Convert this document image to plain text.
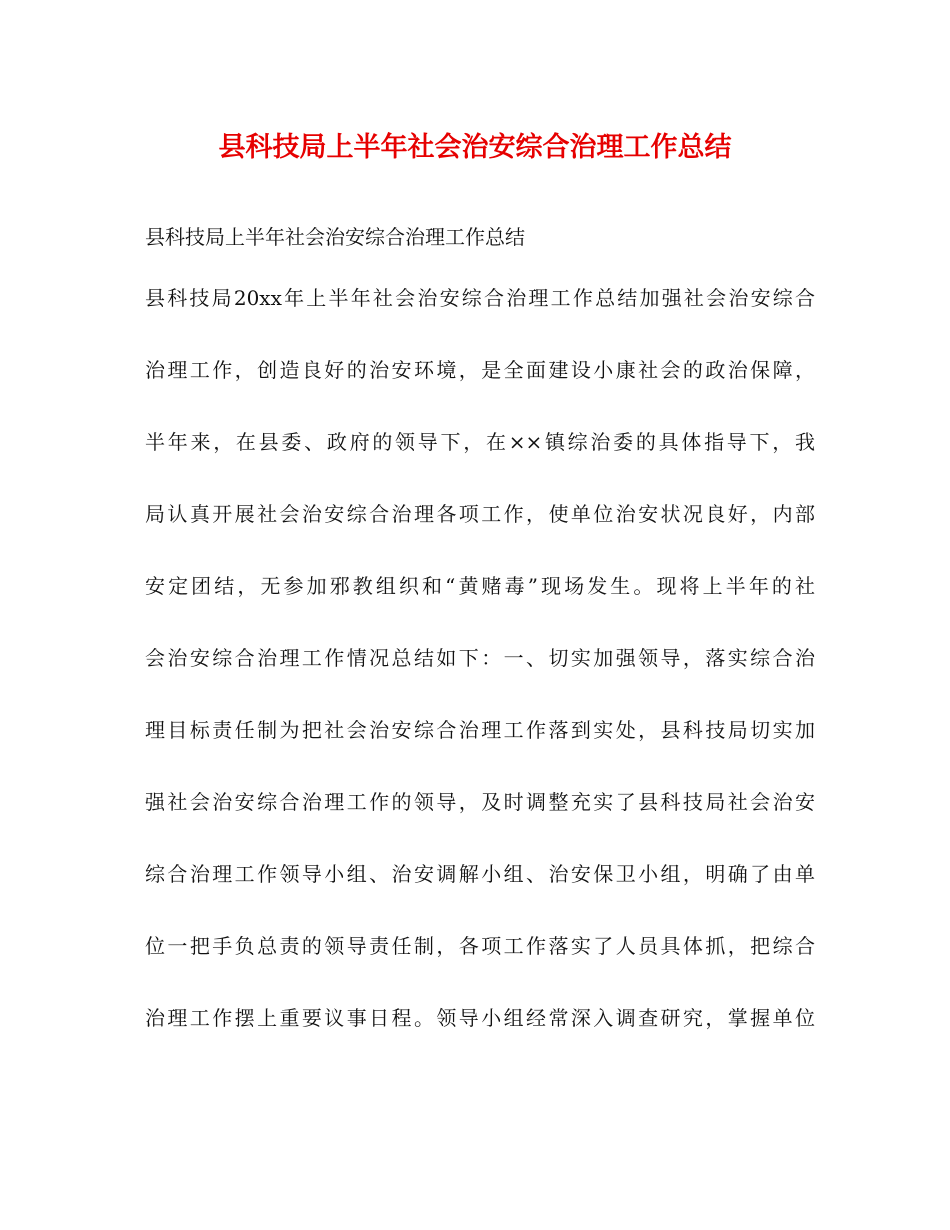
县科技局上半年社会治安综合治理工作总结
县科技局上半年社会治安综合治理工作总结
县科技局20xx年上半年社会治安综合治理工作总结加强社会治安综合
治理工作，创造良好的治安环境，是全面建设小康社会的政治保障，
半年来，在县委、政府的领导下，在××镇综治委的具体指导下，我
局认真开展社会治安综合治理各项工作，使单位治安状况良好，内部
安定团结，无参加邪教组织和“黄赌毒”现场发生。现将上半年的社
会治安综合治理工作情况总结如下：一、切实加强领导，落实综合治
理目标责任制为把社会治安综合治理工作落到实处，县科技局切实加
强社会治安综合治理工作的领导，及时调整充实了县科技局社会治安
综合治理工作领导小组、治安调解小组、治安保卫小组，明确了由单
位一把手负总责的领导责任制，各项工作落实了人员具体抓，把综合
治理工作摆上重要议事日程。领导小组经常深入调查研究，掌握单位
